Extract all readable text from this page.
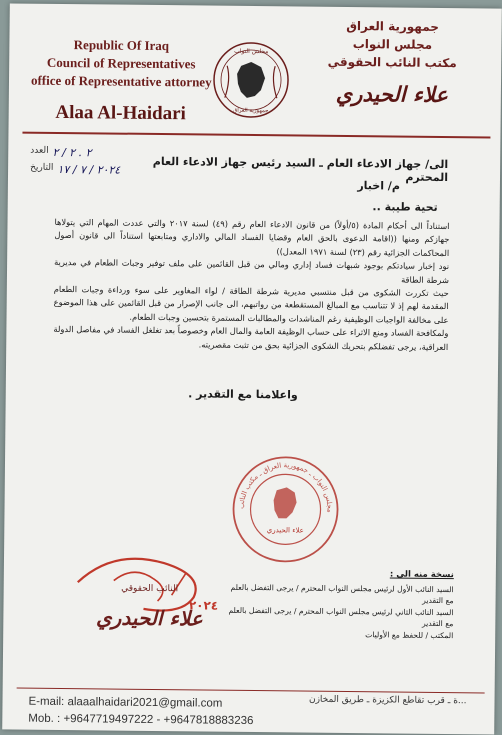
Republic Of Iraq
Council of Representatives
office of Representative attorney
Alaa Al-Haidari
مجلس النواب
جمهورية العراق
جمهورية العراق
مجلس النواب
مكتب النائب الحقوقي
علاء الحيدري
العدد ٢ . ٢ / ٢
التاريخ ٢٠٢٤ / ٧ / ١٧	الى/ جهاز الادعاء العام ـ السيد رئيس جهاز الادعاء العام المحترم
م/ اخبار
تحية طيبة ..

استناداً الى أحكام المادة (٥/أولاً) من قانون الادعاء العام رقم (٤٩) لسنة ٢٠١٧ والتي عددت المهام التي يتولاها جهازكم ومنها ((اقامة الدعوى بالحق العام وقضايا الفساد المالي والاداري ومتابعتها استناداً الى قانون أصول المحاكمات الجزائية رقم (٢٣) لسنة ١٩٧١ المعدل))

نود إخبار سيادتكم بوجود شبهات فساد إداري ومالي من قبل القائمين على ملف توفير وجبات الطعام في مديرية شرطة الطاقة

حيث تكررت الشكوى من قبل منتسبي مديرية شرطة الطاقة / لواء المغاوير على سوء ورداءة وجبات الطعام المقدمة لهم إذ لا تتناسب مع المبالغ المستقطعة من رواتبهم، الى جانب الإصرار من قبل القائمين على هذا الموضوع على مخالفة الواجبات الوظيفية رغم المناشدات والمطالبات المستمرة بتحسين وجبات الطعام.

ولمكافحة الفساد ومنع الاثراء على حساب الوظيفة العامة والمال العام وخصوصاً بعد تغلغل الفساد في مفاصل الدولة العراقية، يرجى تفضلكم بتحريك الشكوى الجزائية بحق من تثبت مقصريته.

واعلامنا مع التقدير .
مجلس النواب ـ جمهورية العراق ـ مكتب النائب
علاء الحيدري
النائب الحقوقي
علاء الحيدري
٢٠٢٤
نسخة منه الى :
السيد النائب الأول لرئيس مجلس النواب المحترم / يرجى التفضل بالعلم مع التقدير
السيد النائب الثاني لرئيس مجلس النواب المحترم / يرجى التفضل بالعلم مع التقدير
المكتب / للحفظ مع الأوليات
E-mail: alaaalhaidari2021@gmail.com
Mob. : +9647719497222 - +9647818883236
...ة ـ قرب تقاطع الكزيزة ـ طريق المخازن
